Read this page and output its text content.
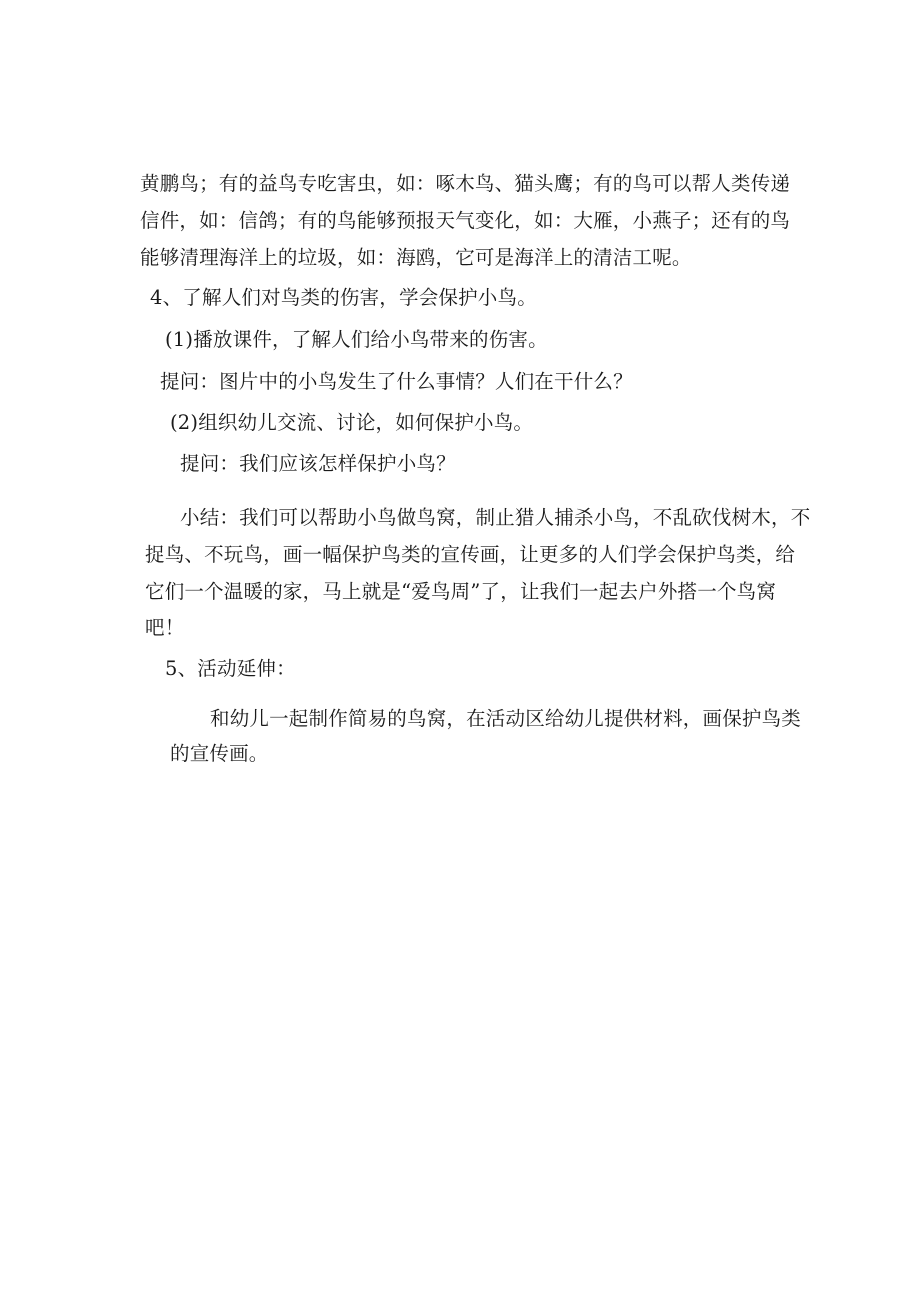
黄鹏鸟；有的益鸟专吃害虫，如：啄木鸟、猫头鹰；有的鸟可以帮人类传递
信件，如：信鸽；有的鸟能够预报天气变化，如：大雁，小燕子；还有的鸟
能够清理海洋上的垃圾，如：海鸥，它可是海洋上的清洁工呢。
4、了解人们对鸟类的伤害，学会保护小鸟。
(1)播放课件，了解人们给小鸟带来的伤害。
提问：图片中的小鸟发生了什么事情？人们在干什么？
(2)组织幼儿交流、讨论，如何保护小鸟。
提问：我们应该怎样保护小鸟？
小结：我们可以帮助小鸟做鸟窝，制止猎人捕杀小鸟，不乱砍伐树木，不
捉鸟、不玩鸟，画一幅保护鸟类的宣传画，让更多的人们学会保护鸟类，给
它们一个温暖的家，马上就是“爱鸟周”了，让我们一起去户外搭一个鸟窝
吧！
5、活动延伸：
和幼儿一起制作简易的鸟窝，在活动区给幼儿提供材料，画保护鸟类
的宣传画。
